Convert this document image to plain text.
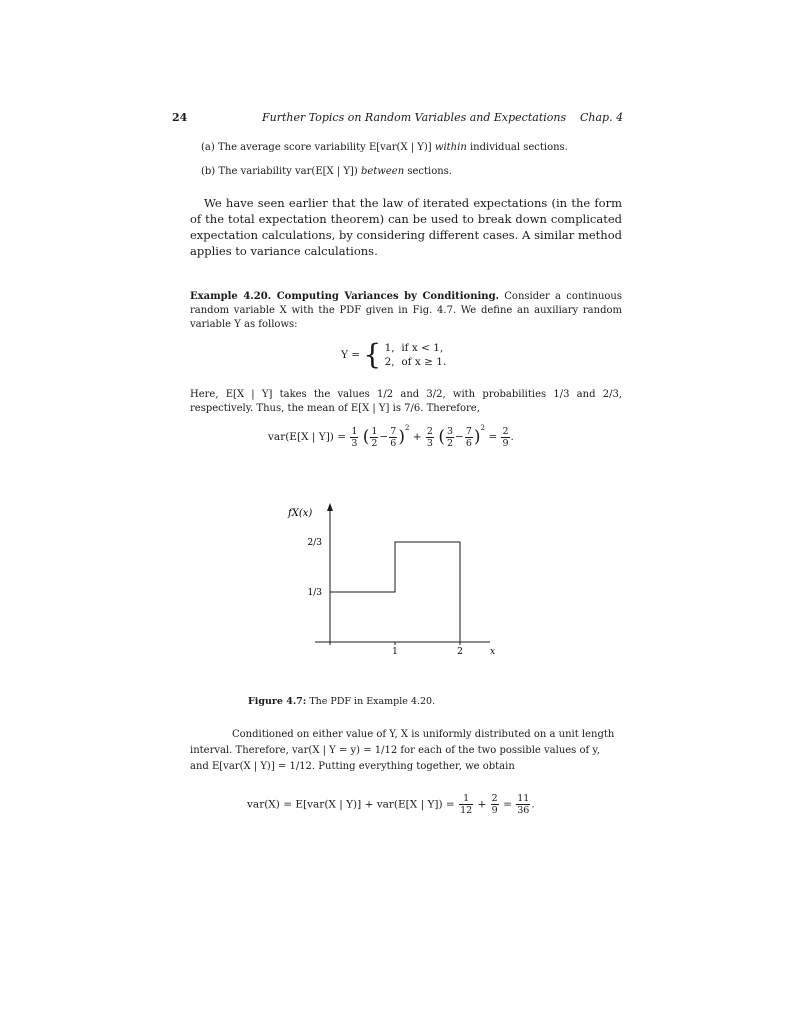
24	Further Topics on Random Variables and Expectations Chap. 4
(a) The average score variability E[var(X | Y)] within individual sections.
(b) The variability var(E[X | Y]) between sections.
We have seen earlier that the law of iterated expectations (in the form of the total expectation theorem) can be used to break down complicated expectation calculations, by considering different cases. A similar method applies to variance calculations.
Example 4.20. Computing Variances by Conditioning. Consider a continuous random variable X with the PDF given in Fig. 4.7. We define an auxiliary random variable Y as follows:
Y = { 1, if x < 1,
2, of x ≥ 1.
Here, E[X | Y] takes the values 1/2 and 3/2, with probabilities 1/3 and 2/3, respectively. Thus, the mean of E[X | Y] is 7/6. Therefore,
var(E[X | $Y]) = \frac{1}{3}$ ( $\frac{1}{2} - \frac{7}{6} )^2 + \frac{2}{3}$ ( $\frac{3}{2} - \frac{7}{6} )^2 = \frac{2}{9}$ .
fX(x)
1	2
1/3
2/3
x
Figure 4.7: The PDF in Example 4.20.
Conditioned on either value of Y, X is uniformly distributed on a unit length
interval. Therefore, var(X | Y = y) = 1/12 for each of the two possible values of y,
and E[var(X | Y)] = 1/12. Putting everything together, we obtain
var(X) = E[var(X | Y)] + var(E[X | $Y]) = \frac{1}{12} + \frac{2}{9} = \frac{11}{36}$ .
